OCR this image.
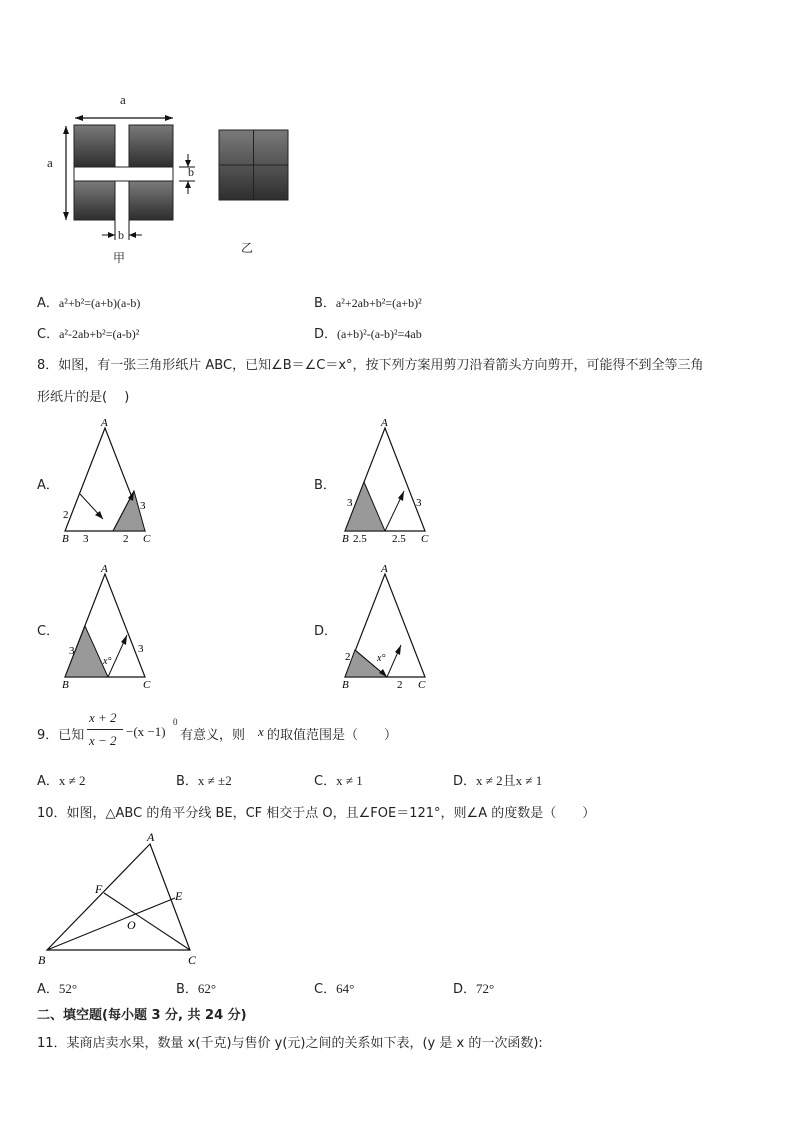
a
a
b
b
甲
乙
A．a²+b²=(a+b)(a-b)	B．a²+2ab+b²=(a+b)²
C．a²-2ab+b²=(a-b)²	D．(a+b)²-(a-b)²=4ab
8．如图，有一张三角形纸片 ABC，已知∠B＝∠C＝x°，按下列方案用剪刀沿着箭头方向剪开，可能得不到全等三角
形纸片的是(　 )
A．
A
B	C
2
3	2
3
B．
A
B	C
3
2.5 2.5
3
C．
A
B	C
3
x°
3
D．
A
B	C
2	x°
2
9．已知
x + 2
x − 2
−(x −1)
0
有意义，则 x 的取值范围是（　　）
A．x ≠ 2	B．x ≠ ±2	C．x ≠ 1	D．x ≠ 2且x ≠ 1
10．如图，△ABC 的角平分线 BE，CF 相交于点 O，且∠FOE＝121°，则∠A 的度数是（　　）
A
B	C
E
F
O
A．52°	B．62°	C．64°	D．72°
二、填空题(每小题 3 分, 共 24 分)
11．某商店卖水果，数量 x(千克)与售价 y(元)之间的关系如下表，(y 是 x 的一次函数):
